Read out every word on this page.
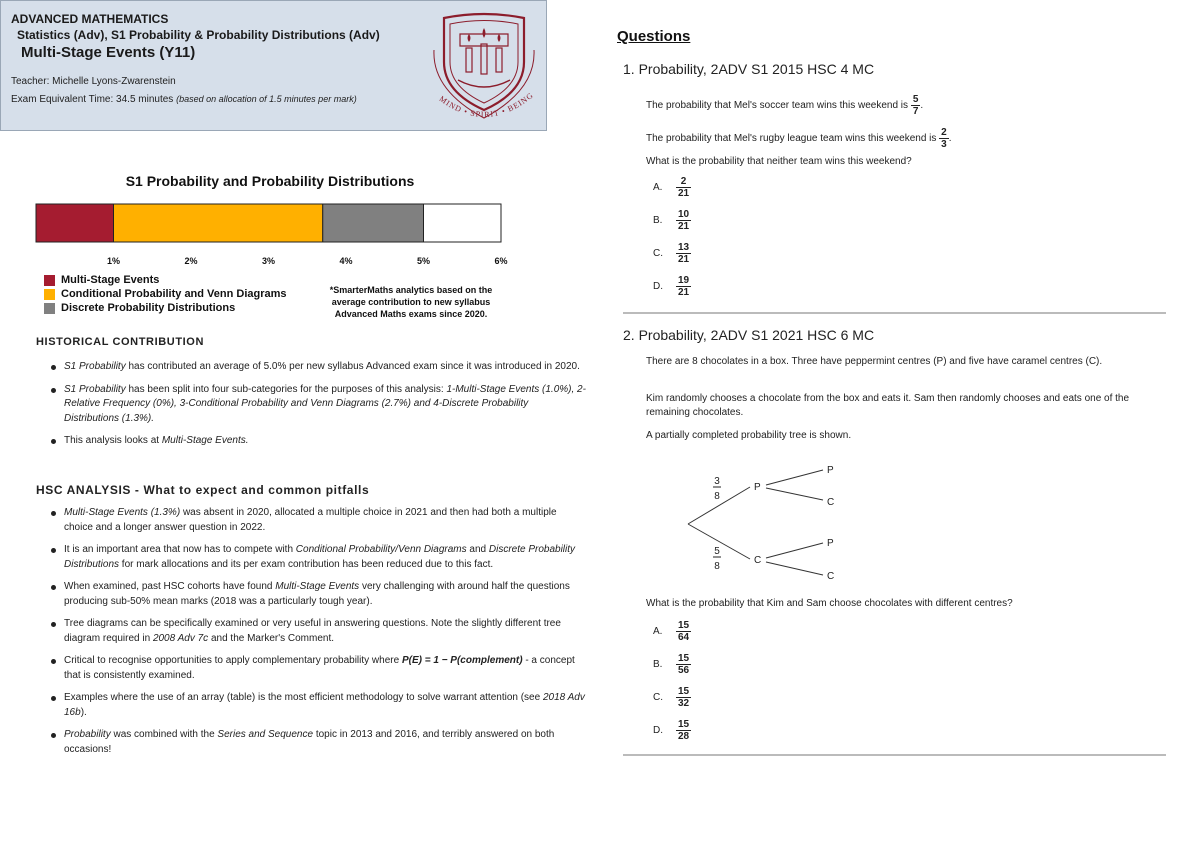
ADVANCED MATHEMATICS
Statistics (Adv), S1 Probability & Probability Distributions (Adv)
Multi-Stage Events (Y11)
Teacher: Michelle Lyons-Zwarenstein
Exam Equivalent Time: 34.5 minutes (based on allocation of 1.5 minutes per mark)	MIND • SPIRIT • BEING
S1 Probability and Probability Distributions
1%	2%	3%	4%	5%	6%
Multi-Stage Events
Conditional Probability and Venn Diagrams
Discrete Probability Distributions
*SmarterMaths analytics based on the average contribution to new syllabus Advanced Maths exams since 2020.
HISTORICAL CONTRIBUTION
S1 Probability has contributed an average of 5.0% per new syllabus Advanced exam since it was introduced in 2020.
S1 Probability has been split into four sub-categories for the purposes of this analysis: 1-Multi-Stage Events (1.0%), 2-Relative Frequency (0%), 3-Conditional Probability and Venn Diagrams (2.7%) and 4-Discrete Probability Distributions (1.3%).
This analysis looks at Multi-Stage Events.
HSC ANALYSIS - What to expect and common pitfalls
Multi-Stage Events (1.3%) was absent in 2020, allocated a multiple choice in 2021 and then had both a multiple choice and a longer answer question in 2022.
It is an important area that now has to compete with Conditional Probability/Venn Diagrams and Discrete Probability Distributions for mark allocations and its per exam contribution has been reduced due to this fact.
When examined, past HSC cohorts have found Multi-Stage Events very challenging with around half the questions producing sub-50% mean marks (2018 was a particularly tough year).
Tree diagrams can be specifically examined or very useful in answering questions. Note the slightly different tree diagram required in 2008 Adv 7c and the Marker's Comment.
Critical to recognise opportunities to apply complementary probability where P(E) = 1 − P(complement) - a concept that is consistently examined.
Examples where the use of an array (table) is the most efficient methodology to solve warrant attention (see 2018 Adv 16b).
Probability was combined with the Series and Sequence topic in 2013 and 2016, and terribly answered on both occasions!
Questions
1. Probability, 2ADV S1 2015 HSC 4 MC
The probability that Mel's soccer team wins this weekend is $\frac{5}{7}$ .
The probability that Mel's rugby league team wins this weekend is $\frac{2}{3}$ .
What is the probability that neither team wins this weekend?
A. $\frac{2}{21}$
B. $\frac{10}{21}$
C. $\frac{13}{21}$
D. $\frac{19}{21}$
2. Probability, 2ADV S1 2021 HSC 6 MC
There are 8 chocolates in a box. Three have peppermint centres (P) and five have caramel centres (C).
Kim randomly chooses a chocolate from the box and eats it. Sam then randomly chooses and eats one of the remaining chocolates.
A partially completed probability tree is shown.
3
8
5
8
P
C
P
C
P
C
What is the probability that Kim and Sam choose chocolates with different centres?
A. $\frac{15}{64}$
B. $\frac{15}{56}$
C. $\frac{15}{32}$
D. $\frac{15}{28}$
